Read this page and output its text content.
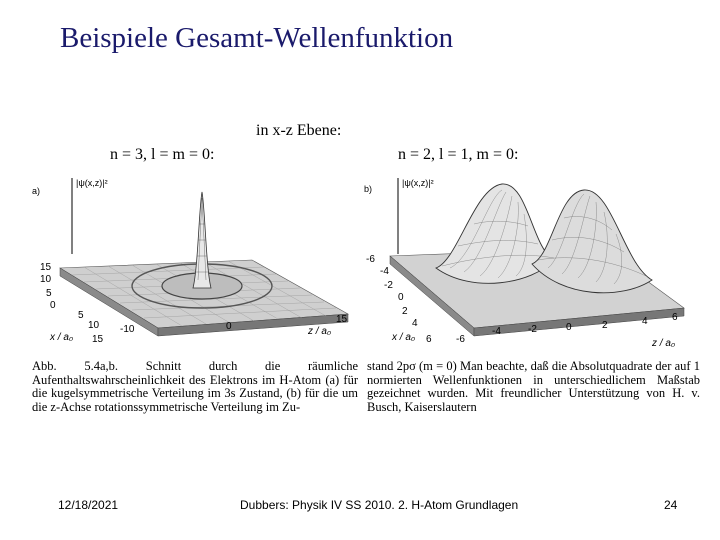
Beispiele Gesamt-Wellenfunktion
in x-z Ebene:
n = 3, l = m = 0:	n = 2, l = 1, m = 0:
a)
|ψ(x,z)|²
15
10
5
0
5
10 -10
15
0
15
x / a₀
z / a₀
b)
|ψ(x,z)|²
-6
-4
-2
0
2
4
6 -6
-4	-2	0	2	4 6
x / a₀
z / a₀
Abb. 5.4a,b. Schnitt durch die räumliche Aufenthaltswahrscheinlichkeit des Elektrons im H-Atom (a) für die kugelsymmetrische Verteilung im 3s Zustand, (b) für die um die z-Achse rotationssymmetrische Verteilung im Zu-
stand 2pσ (m = 0) Man beachte, daß die Absolutquadrate der auf 1 normierten Wellenfunktionen in unterschiedlichem Maßstab gezeichnet wurden. Mit freundlicher Unterstützung von H. v. Busch, Kaiserslautern
12/18/2021	Dubbers: Physik IV SS 2010. 2. H-Atom Grundlagen	24
